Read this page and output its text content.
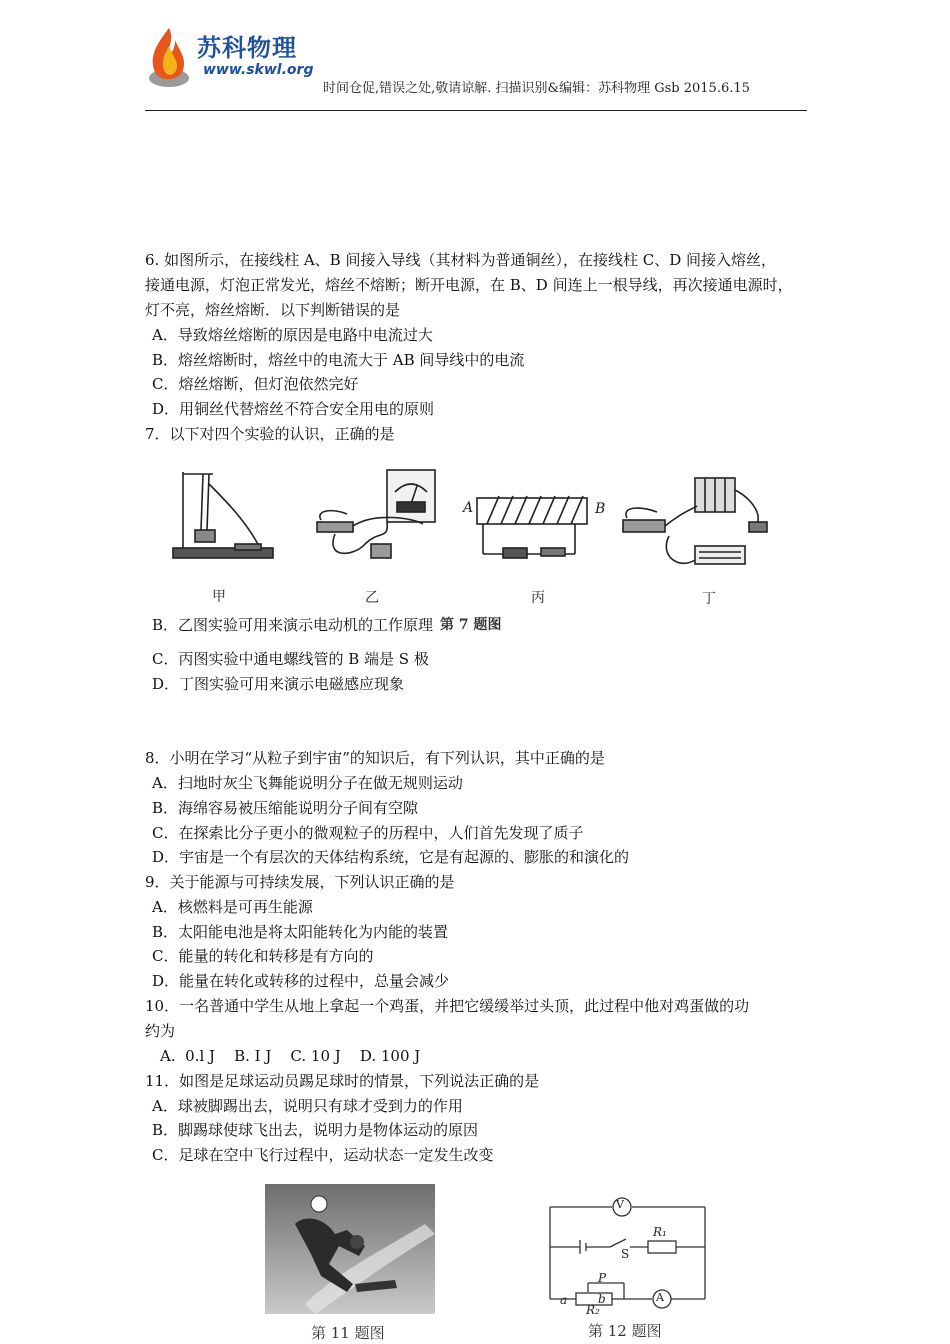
苏科物理
www.skwl.org
时间仓促,错误之处,敬请谅解. 扫描识别&编辑：苏科物理 Gsb 2015.6.15
6. 如图所示，在接线柱 A、B 间接入导线（其材料为普通铜丝），在接线柱 C、D 间接入熔丝，
接通电源，灯泡正常发光，熔丝不熔断；断开电源，在 B、D 间连上一根导线，再次接通电源时，
灯不亮，熔丝熔断．以下判断错误的是
A．导致熔丝熔断的原因是电路中电流过大
B．熔丝熔断时，熔丝中的电流大于 AB 间导线中的电流
C．熔丝熔断，但灯泡依然完好
D．用铜丝代替熔丝不符合安全用电的原则
7．以下对四个实验的认识，正确的是
甲	乙	丙	丁
A	B
B．乙图实验可用来演示电动机的工作原理 第 7 题图
C．丙图实验中通电螺线管的 B 端是 S 极
D．丁图实验可用来演示电磁感应现象
8．小明在学习“从粒子到宇宙”的知识后，有下列认识，其中正确的是
A．扫地时灰尘飞舞能说明分子在做无规则运动
B．海绵容易被压缩能说明分子间有空隙
C．在探索比分子更小的微观粒子的历程中，人们首先发现了质子
D．宇宙是一个有层次的天体结构系统，它是有起源的、膨胀的和演化的
9．关于能源与可持续发展，下列认识正确的是
A．核燃料是可再生能源
B．太阳能电池是将太阳能转化为内能的装置
C．能量的转化和转移是有方向的
D．能量在转化或转移的过程中，总量会减少
10．一名普通中学生从地上拿起一个鸡蛋，并把它缓缓举过头顶，此过程中他对鸡蛋做的功
约为
A.  0.l J    B. I J    C. 10 J    D. 100 J
11．如图是足球运动员踢足球时的情景，下列说法正确的是
A．球被脚踢出去，说明只有球才受到力的作用
B．脚踢球使球飞出去，说明力是物体运动的原因
C．足球在空中飞行过程中，运动状态一定发生改变
第 11 题图
V
A
S
R₁
R₂
P
a	b
第 12 题图
